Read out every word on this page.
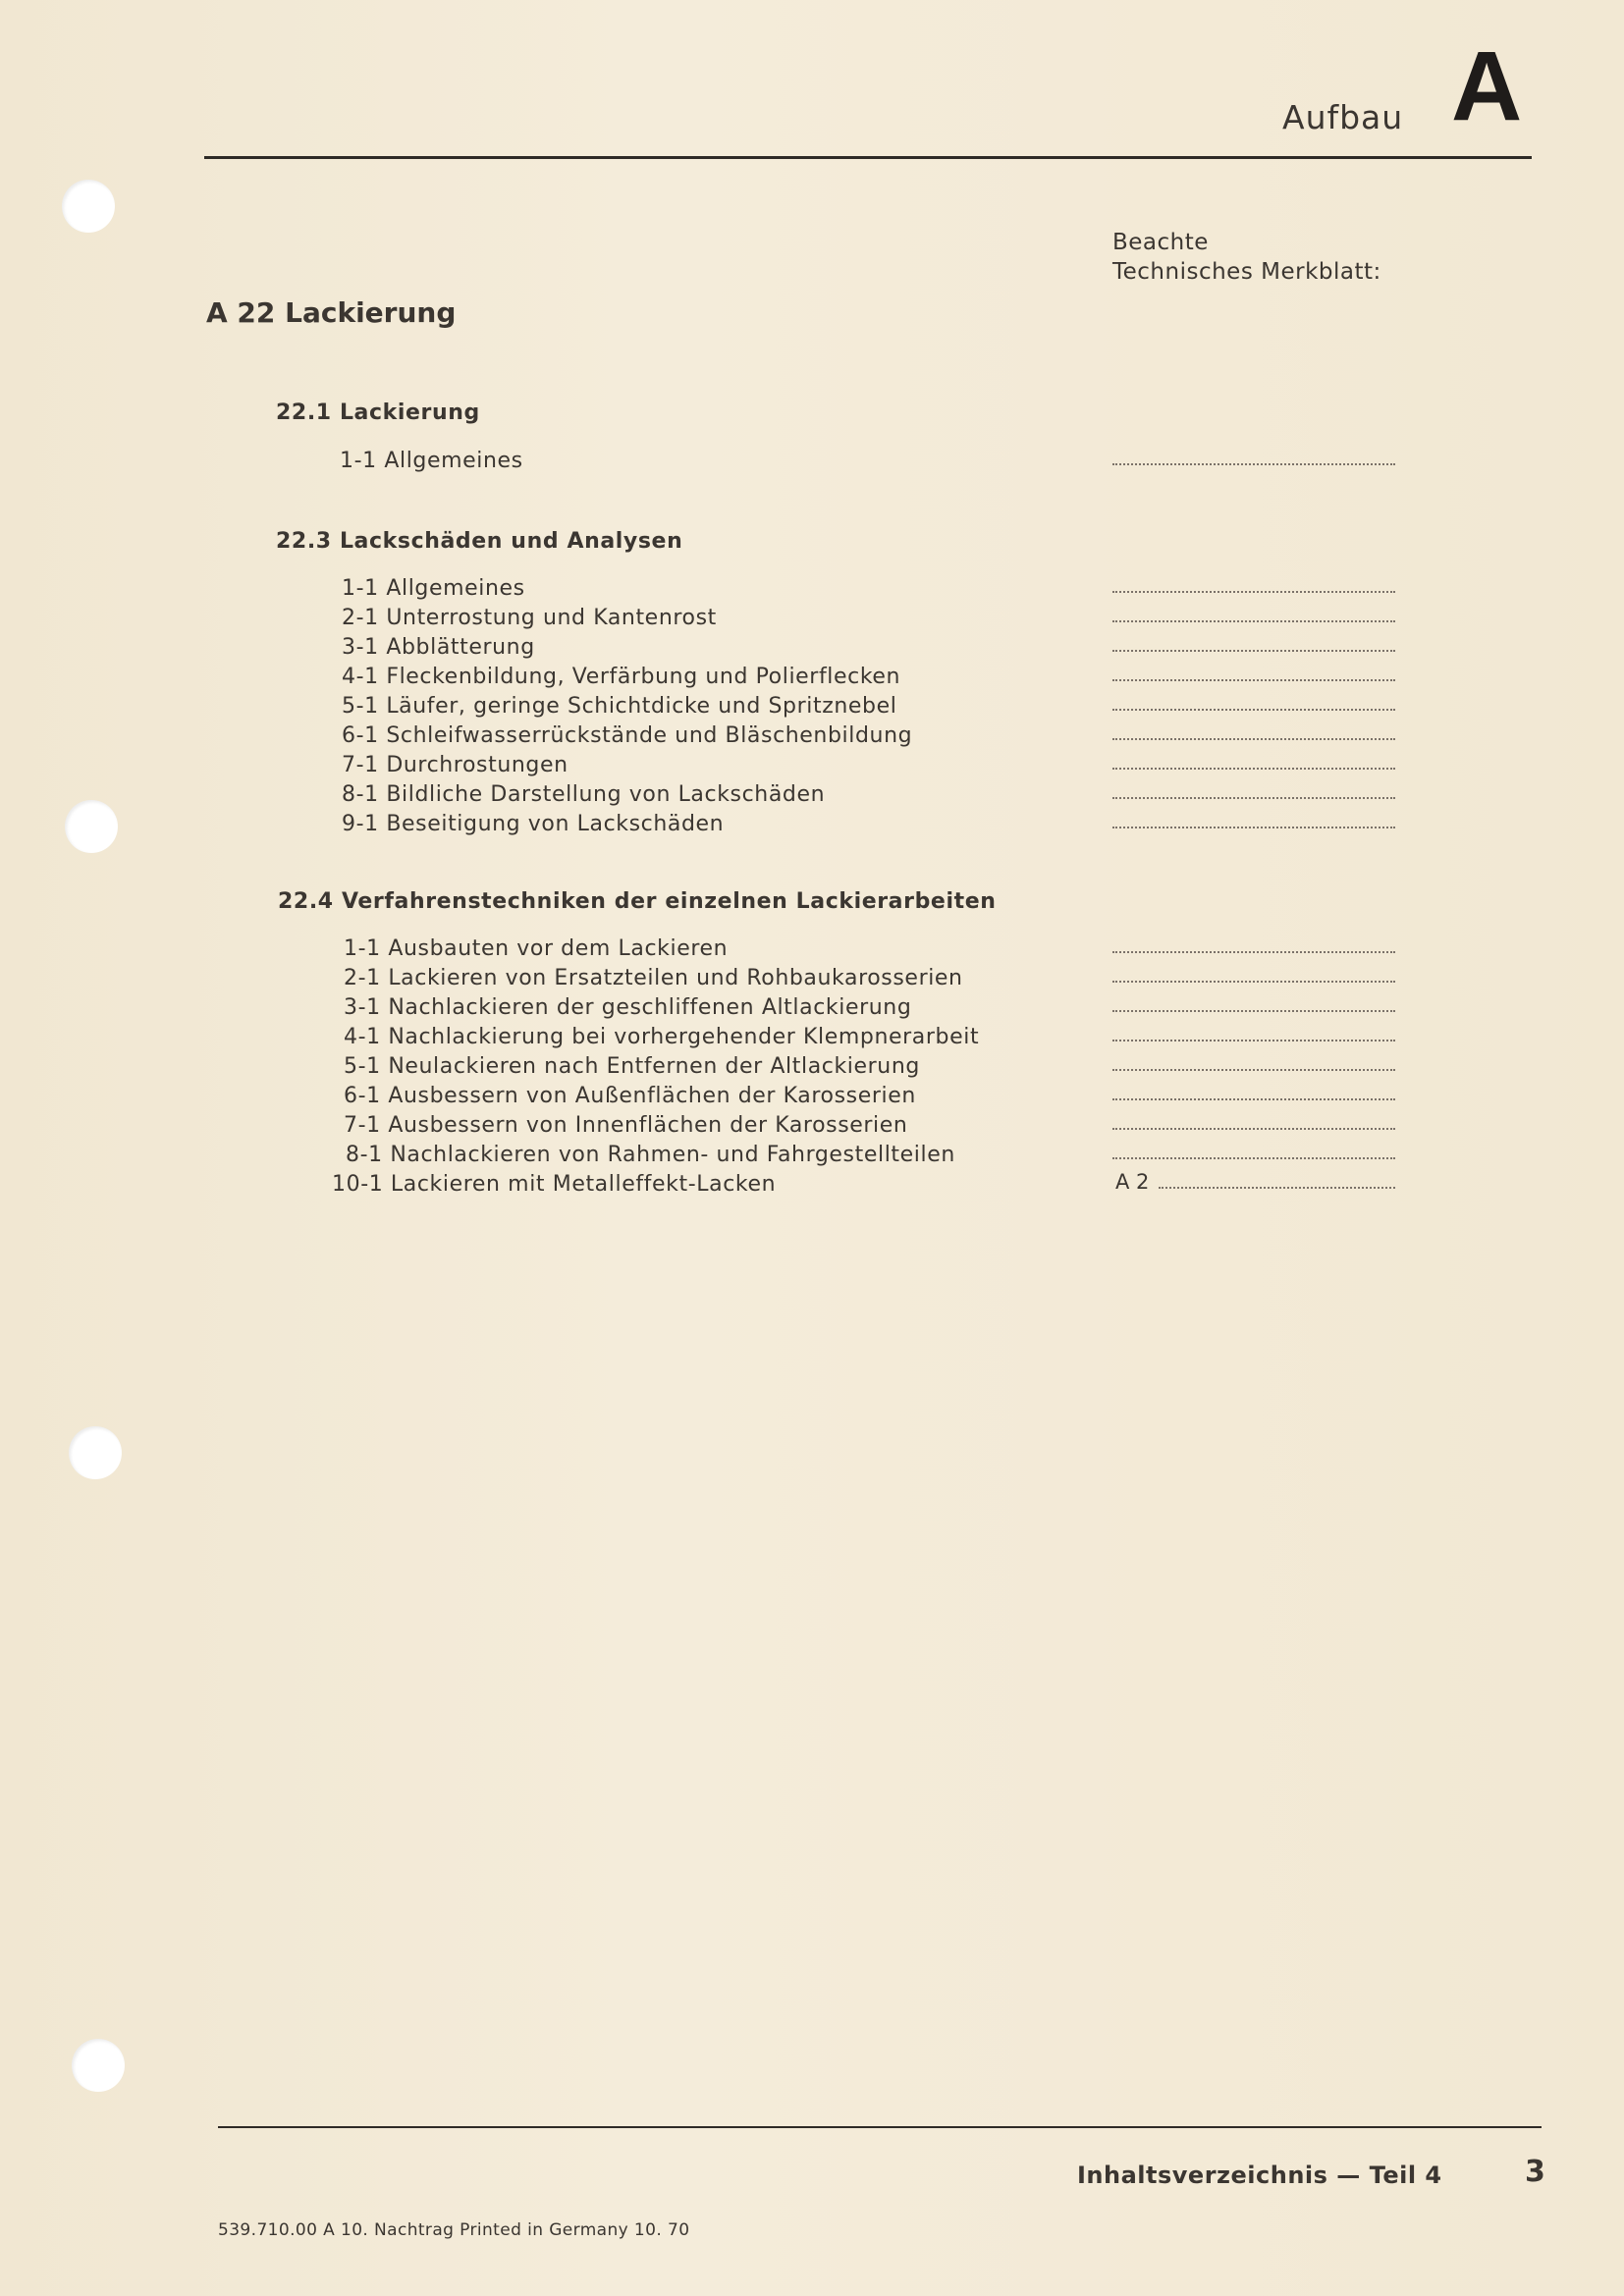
Aufbau A
Beachte
Technisches Merkblatt:
A 22 Lackierung
22.1 Lackierung
1-1 Allgemeines
22.3 Lackschäden und Analysen
1-1 Allgemeines
2-1 Unterrostung und Kantenrost
3-1 Abblätterung
4-1 Fleckenbildung, Verfärbung und Polierflecken
5-1 Läufer, geringe Schichtdicke und Spritznebel
6-1 Schleifwasserrückstände und Bläschenbildung
7-1 Durchrostungen
8-1 Bildliche Darstellung von Lackschäden
9-1 Beseitigung von Lackschäden
22.4 Verfahrenstechniken der einzelnen Lackierarbeiten
1-1 Ausbauten vor dem Lackieren
2-1 Lackieren von Ersatzteilen und Rohbaukarosserien
3-1 Nachlackieren der geschliffenen Altlackierung
4-1 Nachlackierung bei vorhergehender Klempnerarbeit
5-1 Neulackieren nach Entfernen der Altlackierung
6-1 Ausbessern von Außenflächen der Karosserien
7-1 Ausbessern von Innenflächen der Karosserien
8-1 Nachlackieren von Rahmen- und Fahrgestellteilen
10-1 Lackieren mit Metalleffekt-Lacken	A 2
Inhaltsverzeichnis — Teil 4	3
539.710.00 A 10. Nachtrag Printed in Germany 10. 70
